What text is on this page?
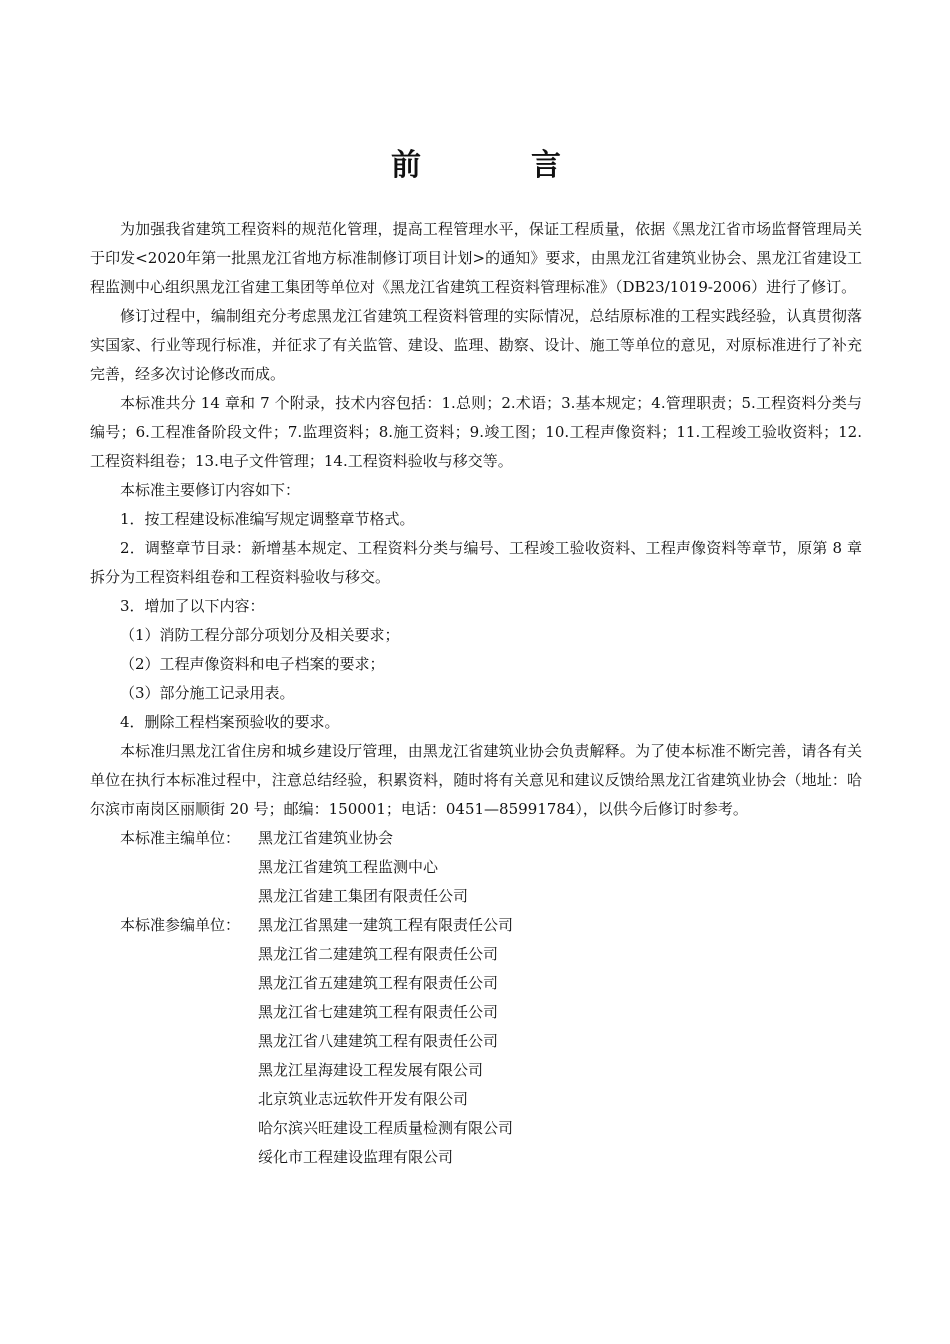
前　言

为加强我省建筑工程资料的规范化管理，提高工程管理水平，保证工程质量，依据《黑龙江省市场监督管理局关于印发<2020年第一批黑龙江省地方标准制修订项目计划>的通知》要求，由黑龙江省建筑业协会、黑龙江省建设工程监测中心组织黑龙江省建工集团等单位对《黑龙江省建筑工程资料管理标准》（DB23/1019-2006）进行了修订。

修订过程中，编制组充分考虑黑龙江省建筑工程资料管理的实际情况，总结原标准的工程实践经验，认真贯彻落实国家、行业等现行标准，并征求了有关监管、建设、监理、勘察、设计、施工等单位的意见，对原标准进行了补充完善，经多次讨论修改而成。

本标准共分 14 章和 7 个附录，技术内容包括：1.总则；2.术语；3.基本规定；4.管理职责；5.工程资料分类与编号；6.工程准备阶段文件；7.监理资料；8.施工资料；9.竣工图；10.工程声像资料；11.工程竣工验收资料；12.工程资料组卷；13.电子文件管理；14.工程资料验收与移交等。

本标准主要修订内容如下：

1．按工程建设标准编写规定调整章节格式。

2．调整章节目录：新增基本规定、工程资料分类与编号、工程竣工验收资料、工程声像资料等章节，原第 8 章拆分为工程资料组卷和工程资料验收与移交。

3．增加了以下内容：

（1）消防工程分部分项划分及相关要求；

（2）工程声像资料和电子档案的要求；

（3）部分施工记录用表。

4．删除工程档案预验收的要求。

本标准归黑龙江省住房和城乡建设厅管理，由黑龙江省建筑业协会负责解释。为了使本标准不断完善，请各有关单位在执行本标准过程中，注意总结经验，积累资料，随时将有关意见和建议反馈给黑龙江省建筑业协会（地址：哈尔滨市南岗区丽顺街 20 号；邮编：150001；电话：0451—85991784），以供今后修订时参考。

本标准主编单位：	黑龙江省建筑业协会
黑龙江省建筑工程监测中心
黑龙江省建工集团有限责任公司
本标准参编单位：	黑龙江省黑建一建筑工程有限责任公司
黑龙江省二建建筑工程有限责任公司
黑龙江省五建建筑工程有限责任公司
黑龙江省七建建筑工程有限责任公司
黑龙江省八建建筑工程有限责任公司
黑龙江星海建设工程发展有限公司
北京筑业志远软件开发有限公司
哈尔滨兴旺建设工程质量检测有限公司
绥化市工程建设监理有限公司
